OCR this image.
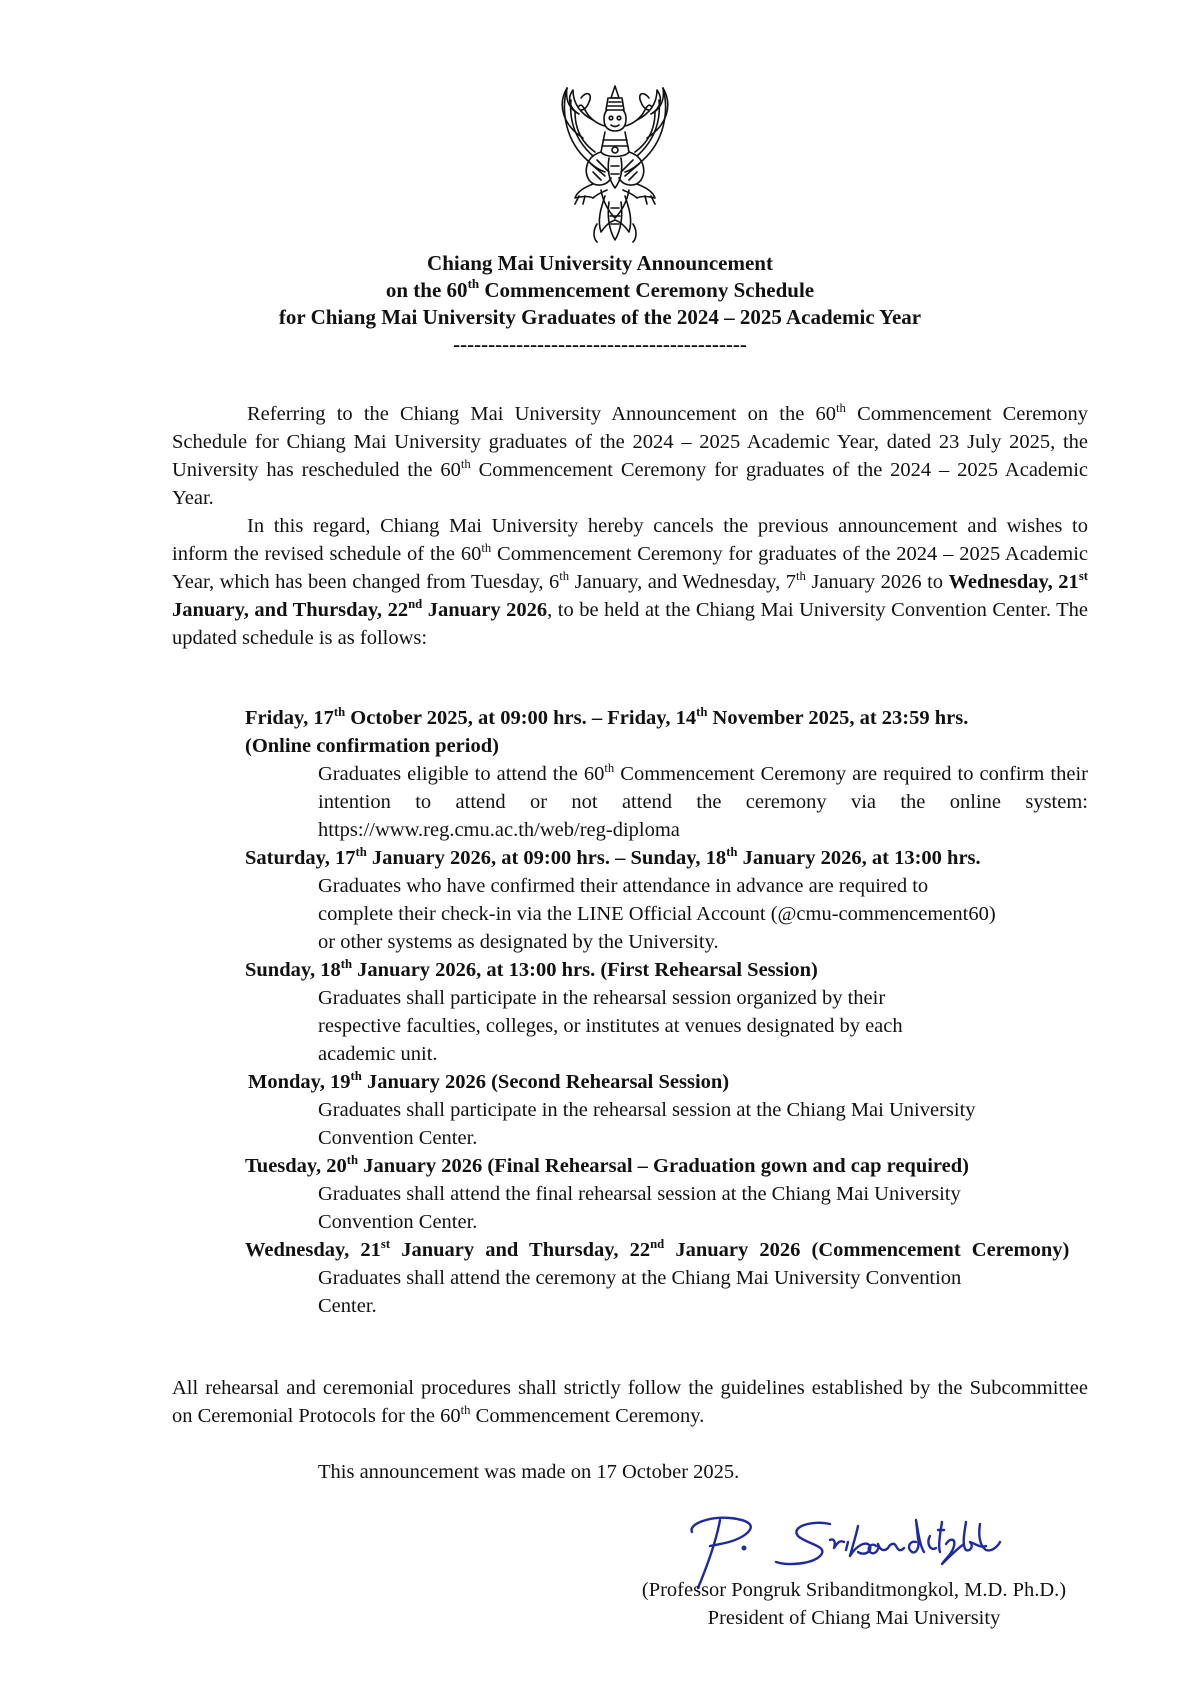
Chiang Mai University Announcement
on the 60th Commencement Ceremony Schedule
for Chiang Mai University Graduates of the 2024 – 2025 Academic Year
------------------------------------------

Referring to the Chiang Mai University Announcement on the 60th Commencement Ceremony Schedule for Chiang Mai University graduates of the 2024 – 2025 Academic Year, dated 23 July 2025, the University has rescheduled the 60th Commencement Ceremony for graduates of the 2024 – 2025 Academic Year.

In this regard, Chiang Mai University hereby cancels the previous announcement and wishes to inform the revised schedule of the 60th Commencement Ceremony for graduates of the 2024 – 2025 Academic Year, which has been changed from Tuesday, 6th January, and Wednesday, 7th January 2026 to Wednesday, 21st January, and Thursday, 22nd January 2026, to be held at the Chiang Mai University Convention Center. The updated schedule is as follows:

Friday, 17th October 2025, at 09:00 hrs. – Friday, 14th November 2025, at 23:59 hrs.

(Online confirmation period)

Graduates eligible to attend the 60th Commencement Ceremony are required to confirm their intention to attend or not attend the ceremony via the online system: https://www.reg.cmu.ac.th/web/reg-diploma

Saturday, 17th January 2026, at 09:00 hrs. – Sunday, 18th January 2026, at 13:00 hrs.

Graduates who have confirmed their attendance in advance are required to
complete their check-in via the LINE Official Account (@cmu-commencement60)
or other systems as designated by the University.

Sunday, 18th January 2026, at 13:00 hrs. (First Rehearsal Session)

Graduates shall participate in the rehearsal session organized by their
respective faculties, colleges, or institutes at venues designated by each
academic unit.

Monday, 19th January 2026 (Second Rehearsal Session)

Graduates shall participate in the rehearsal session at the Chiang Mai University
Convention Center.

Tuesday, 20th January 2026 (Final Rehearsal – Graduation gown and cap required)

Graduates shall attend the final rehearsal session at the Chiang Mai University
Convention Center.

Wednesday, 21st January and Thursday, 22nd January 2026 (Commencement Ceremony)

Graduates shall attend the ceremony at the Chiang Mai University Convention
Center.

All rehearsal and ceremonial procedures shall strictly follow the guidelines established by the Subcommittee on Ceremonial Protocols for the 60th Commencement Ceremony.

This announcement was made on 17 October 2025.

(Professor Pongruk Sribanditmongkol, M.D. Ph.D.)
President of Chiang Mai University
